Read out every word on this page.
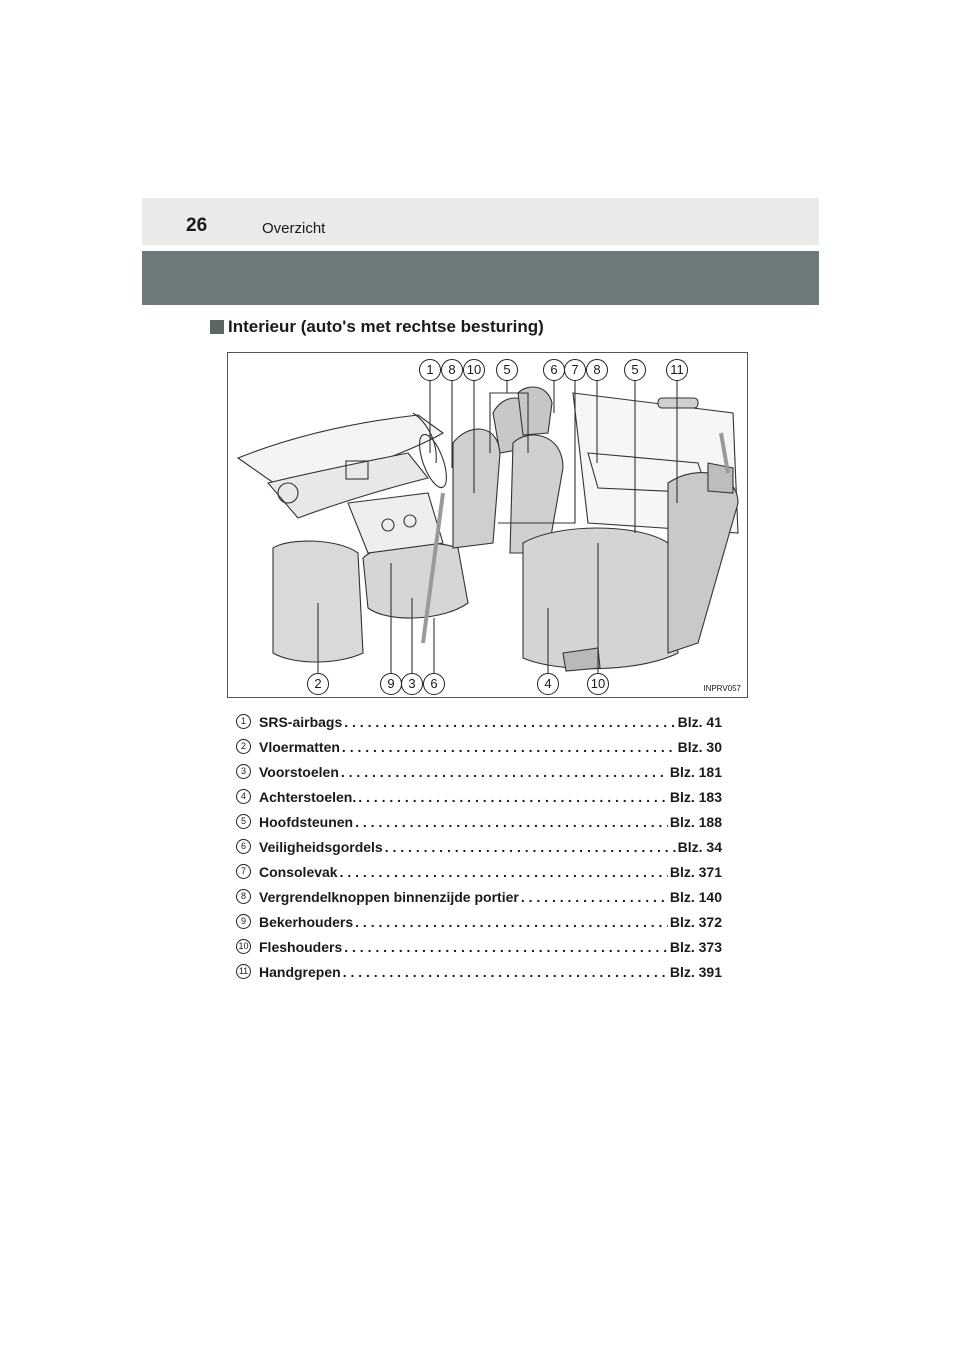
26	Overzicht
Interieur (auto's met rechtse besturing)
1	8 10	5	6	7	8	5	11
2	9	3	6	4	10	INPRV057
1 SRS-airbags . . .	Blz. 41
2 Vloermatten . . .	Blz. 30
3 Voorstoelen . . .	Blz. 181
4 Achterstoelen. . . .	Blz. 183
5 Hoofdsteunen . . .	Blz. 188
6 Veiligheidsgordels . . .	Blz. 34
7 Consolevak . . .	Blz. 371
8 Vergrendelknoppen binnenzijde portier . . .	Blz. 140
9 Bekerhouders . . .	Blz. 372
10 Fleshouders . . .	Blz. 373
11 Handgrepen . . .	Blz. 391
